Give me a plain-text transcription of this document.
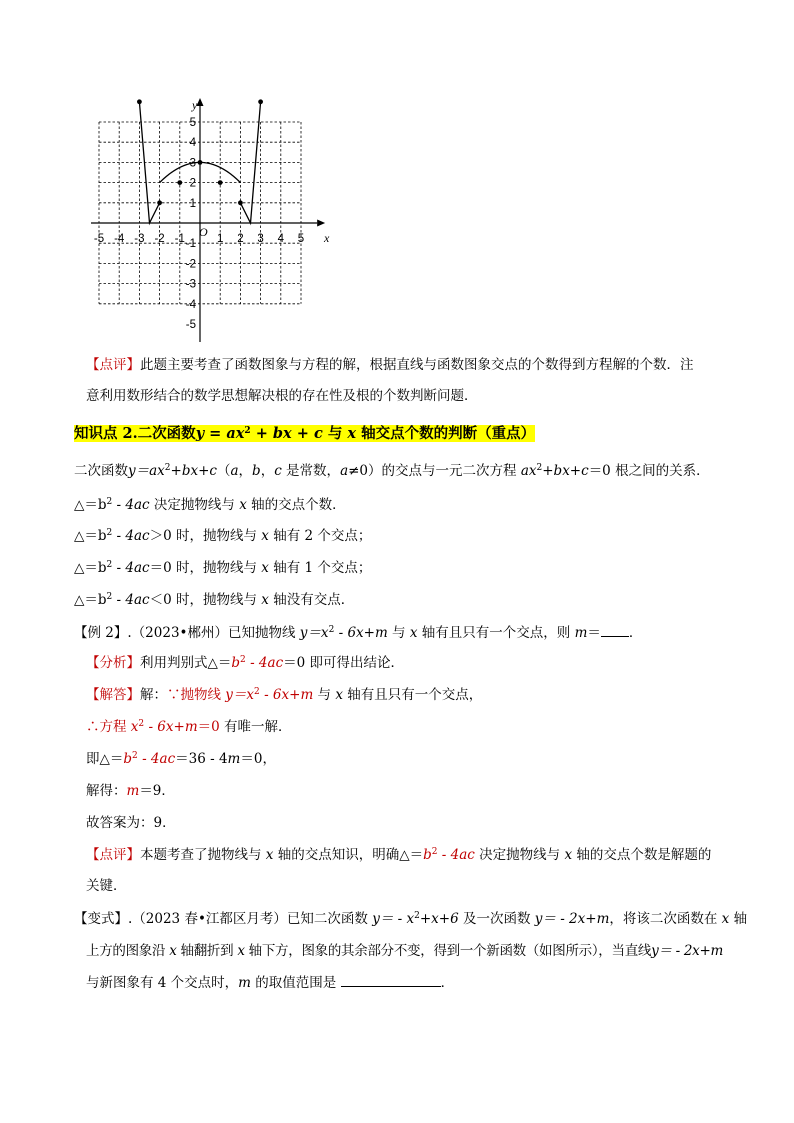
-5 -4 -3 -2 -1	1 2 3 4 5
5
4
3
2
1
-1
-2
-3
-4
-5
x
y
O
【点评】此题主要考查了函数图象与方程的解，根据直线与函数图象交点的个数得到方程解的个数．注
意利用数形结合的数学思想解决根的存在性及根的个数判断问题．
知识点 2.二次函数$y = ax^2$ + bx + c 与 x 轴交点个数的判断（重点）
二次函数$y=ax^2+bx+c(a$，b，c 是常数，a≠0）的交点与一元二次方程 $ax^2+bx+c=0$ 根之间的关系．
$\triangle=b^2 - 4ac$ 决定抛物线与 x 轴的交点个数．
$\triangle=b^2 - 4ac>0$ 时，抛物线与 x 轴有 2 个交点；
$\triangle=b^2 - 4ac=0$ 时，抛物线与 x 轴有 1 个交点；
$\triangle=b^2 - 4ac<0$ 时，抛物线与 x 轴没有交点．
【例 2】.（2023•郴州）已知抛物线 $y=x^2 - 6x+m$ 与 x 轴有且只有一个交点，则 m＝ ．
【分析】利用判别式$\triangle=b^2 - 4ac=0$ 即可得出结论．
【解答】解：∵抛物线 $y=x^2 - 6x+m$ 与 x 轴有且只有一个交点，
∴方程 $x^2 - 6x+m=0$ 有唯一解．
即$\triangle=b^2 - 4ac=36 - 4m=0$，
解得：m＝9．
故答案为：9．
【点评】本题考查了抛物线与 x 轴的交点知识，明确$\triangle=b^2 - 4ac$ 决定抛物线与 x 轴的交点个数是解题的
关键．
【变式】.（2023 春•江都区月考）已知二次函数 $y= - x^2+x+6$ 及一次函数 y＝ - 2x+m，将该二次函数在 x 轴
上方的图象沿 x 轴翻折到 x 轴下方，图象的其余部分不变，得到一个新函数（如图所示），当直线y＝ - 2x+m
与新图象有 4 个交点时，m 的取值范围是	．
